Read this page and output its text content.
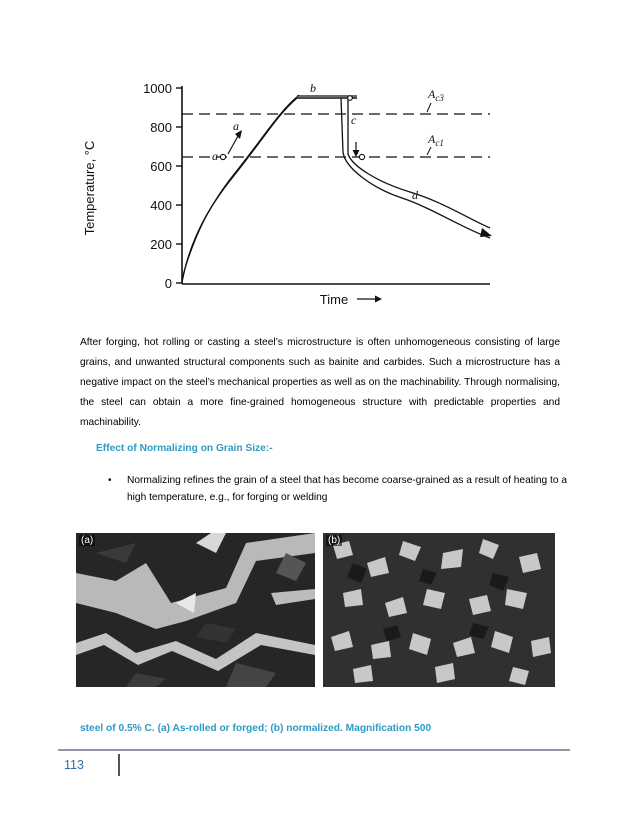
1000
800
600
400
200
0
Temperature, °C
Time
a
a
b
c
d
$A_{c3}$
$A_{c1}$

After forging, hot rolling or casting a steel’s microstructure is often unhomogeneous consisting of large grains, and unwanted structural components such as bainite and carbides. Such a microstructure has a negative impact on the steel’s mechanical properties as well as on the machinability. Through normalising, the steel can obtain a more fine-grained homogeneous structure with predictable properties and machinability.

Effect of Normalizing on Grain Size:-

• Normalizing refines the grain of a steel that has become coarse-grained as a result of heating to a high temperature, e.g., for forging or welding
(a)	(b)

steel of 0.5% C. (a) As-rolled or forged; (b) normalized. Magnification 500

113
